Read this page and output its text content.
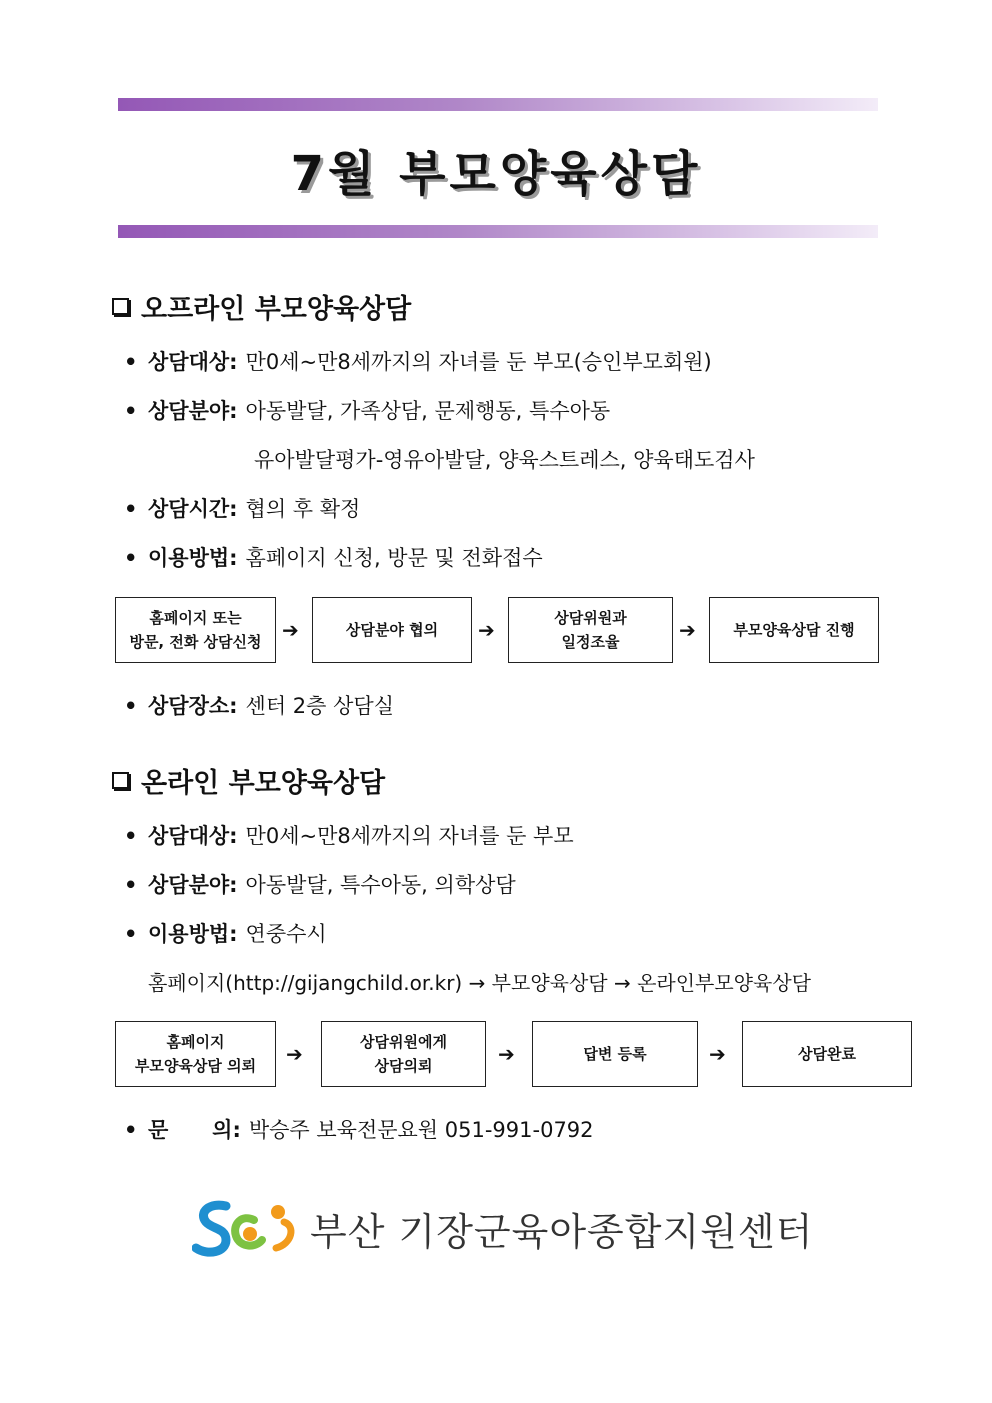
7월 부모양육상담
오프라인 부모양육상담
• 상담대상: 만0세~만8세까지의 자녀를 둔 부모(승인부모회원)
• 상담분야: 아동발달, 가족상담, 문제행동, 특수아동
유아발달평가-영유아발달, 양육스트레스, 양육태도검사
• 상담시간: 협의 후 확정
• 이용방법: 홈페이지 신청, 방문 및 전화접수
홈페이지 또는
방문, 전화 상담신청 ➔	상담분야 협의 ➔	상담위원과
일정조율	➔	부모양육상담 진행
• 상담장소: 센터 2층 상담실
온라인 부모양육상담
• 상담대상: 만0세~만8세까지의 자녀를 둔 부모
• 상담분야: 아동발달, 특수아동, 의학상담
• 이용방법: 연중수시
홈페이지(http://gijangchild.or.kr) → 부모양육상담 → 온라인부모양육상담
홈페이지
부모양육상담 의뢰 ➔	상담위원에게
상담의뢰	➔	답변 등록	➔	상담완료
• 문      의: 박승주 보육전문요원 051-991-0792
부산 기장군육아종합지원센터
